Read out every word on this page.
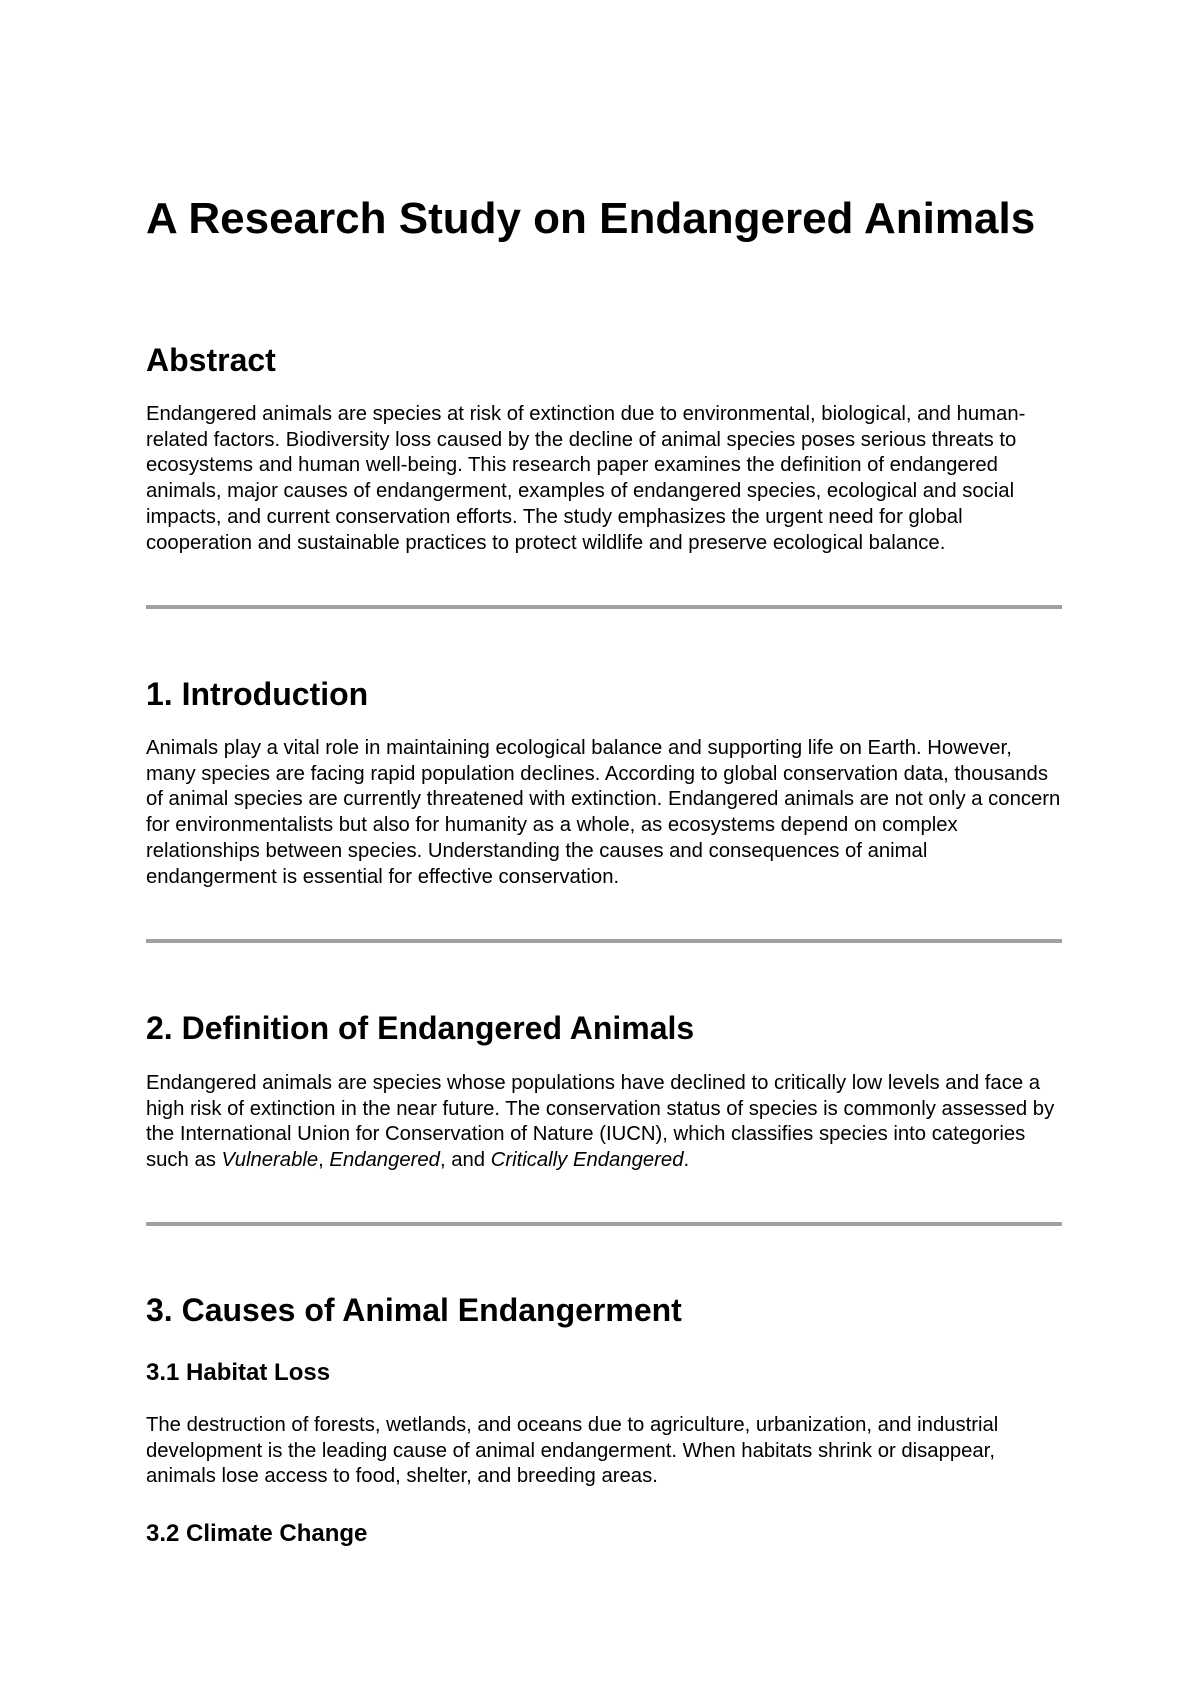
A Research Study on Endangered Animals
Abstract

Endangered animals are species at risk of extinction due to environmental, biological, and human-related factors. Biodiversity loss caused by the decline of animal species poses serious threats to ecosystems and human well-being. This research paper examines the definition of endangered animals, major causes of endangerment, examples of endangered species, ecological and social impacts, and current conservation efforts. The study emphasizes the urgent need for global cooperation and sustainable practices to protect wildlife and preserve ecological balance.

1. Introduction

Animals play a vital role in maintaining ecological balance and supporting life on Earth. However, many species are facing rapid population declines. According to global conservation data, thousands of animal species are currently threatened with extinction. Endangered animals are not only a concern for environmentalists but also for humanity as a whole, as ecosystems depend on complex relationships between species. Understanding the causes and consequences of animal endangerment is essential for effective conservation.

2. Definition of Endangered Animals

Endangered animals are species whose populations have declined to critically low levels and face a high risk of extinction in the near future. The conservation status of species is commonly assessed by the International Union for Conservation of Nature (IUCN), which classifies species into categories such as Vulnerable, Endangered, and Critically Endangered.

3. Causes of Animal Endangerment
3.1 Habitat Loss

The destruction of forests, wetlands, and oceans due to agriculture, urbanization, and industrial development is the leading cause of animal endangerment. When habitats shrink or disappear, animals lose access to food, shelter, and breeding areas.

3.2 Climate Change
